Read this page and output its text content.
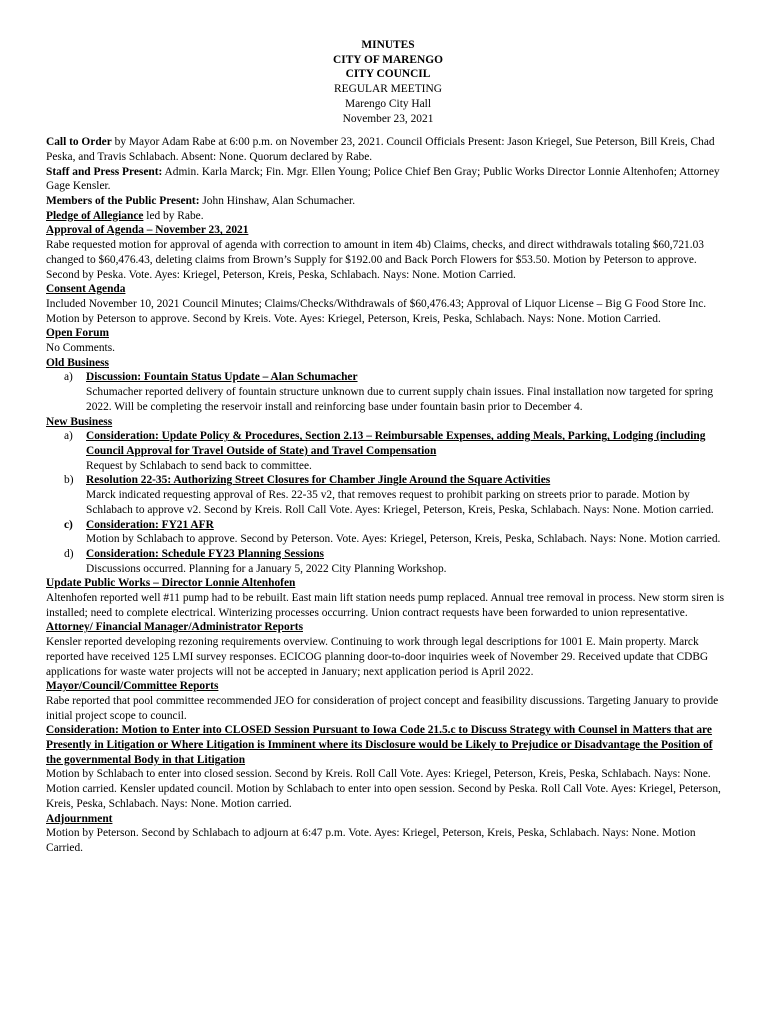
MINUTES
CITY OF MARENGO
CITY COUNCIL
REGULAR MEETING
Marengo City Hall
November 23, 2021

Call to Order by Mayor Adam Rabe at 6:00 p.m. on November 23, 2021. Council Officials Present: Jason Kriegel, Sue Peterson, Bill Kreis, Chad Peska, and Travis Schlabach. Absent: None. Quorum declared by Rabe.

Staff and Press Present: Admin. Karla Marck; Fin. Mgr. Ellen Young; Police Chief Ben Gray; Public Works Director Lonnie Altenhofen; Attorney Gage Kensler.

Members of the Public Present: John Hinshaw, Alan Schumacher.

Pledge of Allegiance led by Rabe.

Approval of Agenda – November 23, 2021

Rabe requested motion for approval of agenda with correction to amount in item 4b) Claims, checks, and direct withdrawals totaling $60,721.03 changed to $60,476.43, deleting claims from Brown’s Supply for $192.00 and Back Porch Flowers for $53.50. Motion by Peterson to approve. Second by Peska. Vote. Ayes: Kriegel, Peterson, Kreis, Peska, Schlabach. Nays: None. Motion Carried.

Consent Agenda

Included November 10, 2021 Council Minutes; Claims/Checks/Withdrawals of $60,476.43; Approval of Liquor License – Big G Food Store Inc. Motion by Peterson to approve. Second by Kreis. Vote. Ayes: Kriegel, Peterson, Kreis, Peska, Schlabach. Nays: None. Motion Carried.

Open Forum

No Comments.

Old Business

a) Discussion: Fountain Status Update – Alan Schumacher

Schumacher reported delivery of fountain structure unknown due to current supply chain issues. Final installation now targeted for spring 2022. Will be completing the reservoir install and reinforcing base under fountain basin prior to December 4.

New Business

a) Consideration: Update Policy & Procedures, Section 2.13 – Reimbursable Expenses, adding Meals, Parking, Lodging (including Council Approval for Travel Outside of State) and Travel Compensation

Request by Schlabach to send back to committee.

b) Resolution 22-35: Authorizing Street Closures for Chamber Jingle Around the Square Activities

Marck indicated requesting approval of Res. 22-35 v2, that removes request to prohibit parking on streets prior to parade. Motion by Schlabach to approve v2. Second by Kreis. Roll Call Vote. Ayes: Kriegel, Peterson, Kreis, Peska, Schlabach. Nays: None. Motion carried.

c) Consideration: FY21 AFR

Motion by Schlabach to approve. Second by Peterson. Vote. Ayes: Kriegel, Peterson, Kreis, Peska, Schlabach. Nays: None. Motion carried.

d) Consideration: Schedule FY23 Planning Sessions

Discussions occurred. Planning for a January 5, 2022 City Planning Workshop.

Update Public Works – Director Lonnie Altenhofen

Altenhofen reported well #11 pump had to be rebuilt. East main lift station needs pump replaced. Annual tree removal in process. New storm siren is installed; need to complete electrical. Winterizing processes occurring. Union contract requests have been forwarded to union representative.

Attorney/ Financial Manager/Administrator Reports

Kensler reported developing rezoning requirements overview. Continuing to work through legal descriptions for 1001 E. Main property. Marck reported have received 125 LMI survey responses. ECICOG planning door-to-door inquiries week of November 29. Received update that CDBG applications for waste water projects will not be accepted in January; next application period is April 2022.

Mayor/Council/Committee Reports

Rabe reported that pool committee recommended JEO for consideration of project concept and feasibility discussions. Targeting January to provide initial project scope to council.

Consideration: Motion to Enter into CLOSED Session Pursuant to Iowa Code 21.5.c to Discuss Strategy with Counsel in Matters that are Presently in Litigation or Where Litigation is Imminent where its Disclosure would be Likely to Prejudice or Disadvantage the Position of the governmental Body in that Litigation

Motion by Schlabach to enter into closed session. Second by Kreis. Roll Call Vote. Ayes: Kriegel, Peterson, Kreis, Peska, Schlabach. Nays: None. Motion carried. Kensler updated council. Motion by Schlabach to enter into open session. Second by Peska. Roll Call Vote. Ayes: Kriegel, Peterson, Kreis, Peska, Schlabach. Nays: None. Motion carried.

Adjournment

Motion by Peterson. Second by Schlabach to adjourn at 6:47 p.m. Vote. Ayes: Kriegel, Peterson, Kreis, Peska, Schlabach. Nays: None. Motion Carried.
